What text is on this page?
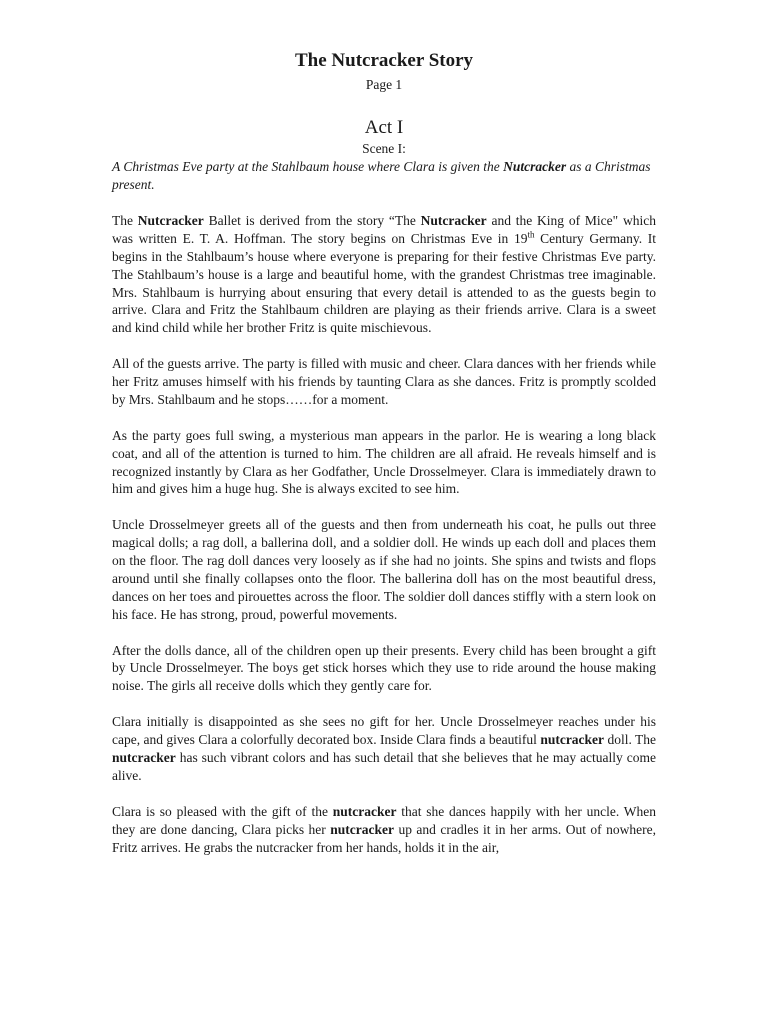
The Nutcracker Story

Page 1

Act I

Scene I:

A Christmas Eve party at the Stahlbaum house where Clara is given the Nutcracker as a Christmas present.

The Nutcracker Ballet is derived from the story “The Nutcracker and the King of Mice" which was written E. T. A. Hoffman. The story begins on Christmas Eve in 19th Century Germany. It begins in the Stahlbaum’s house where everyone is preparing for their festive Christmas Eve party. The Stahlbaum’s house is a large and beautiful home, with the grandest Christmas tree imaginable. Mrs. Stahlbaum is hurrying about ensuring that every detail is attended to as the guests begin to arrive. Clara and Fritz the Stahlbaum children are playing as their friends arrive. Clara is a sweet and kind child while her brother Fritz is quite mischievous.

All of the guests arrive. The party is filled with music and cheer. Clara dances with her friends while her Fritz amuses himself with his friends by taunting Clara as she dances. Fritz is promptly scolded by Mrs. Stahlbaum and he stops……for a moment.

As the party goes full swing, a mysterious man appears in the parlor. He is wearing a long black coat, and all of the attention is turned to him. The children are all afraid. He reveals himself and is recognized instantly by Clara as her Godfather, Uncle Drosselmeyer. Clara is immediately drawn to him and gives him a huge hug. She is always excited to see him.

Uncle Drosselmeyer greets all of the guests and then from underneath his coat, he pulls out three magical dolls; a rag doll, a ballerina doll, and a soldier doll. He winds up each doll and places them on the floor. The rag doll dances very loosely as if she had no joints. She spins and twists and flops around until she finally collapses onto the floor. The ballerina doll has on the most beautiful dress, dances on her toes and pirouettes across the floor. The soldier doll dances stiffly with a stern look on his face. He has strong, proud, powerful movements.

After the dolls dance, all of the children open up their presents. Every child has been brought a gift by Uncle Drosselmeyer. The boys get stick horses which they use to ride around the house making noise. The girls all receive dolls which they gently care for.

Clara initially is disappointed as she sees no gift for her. Uncle Drosselmeyer reaches under his cape, and gives Clara a colorfully decorated box. Inside Clara finds a beautiful nutcracker doll. The nutcracker has such vibrant colors and has such detail that she believes that he may actually come alive.

Clara is so pleased with the gift of the nutcracker that she dances happily with her uncle. When they are done dancing, Clara picks her nutcracker up and cradles it in her arms. Out of nowhere, Fritz arrives. He grabs the nutcracker from her hands, holds it in the air,
